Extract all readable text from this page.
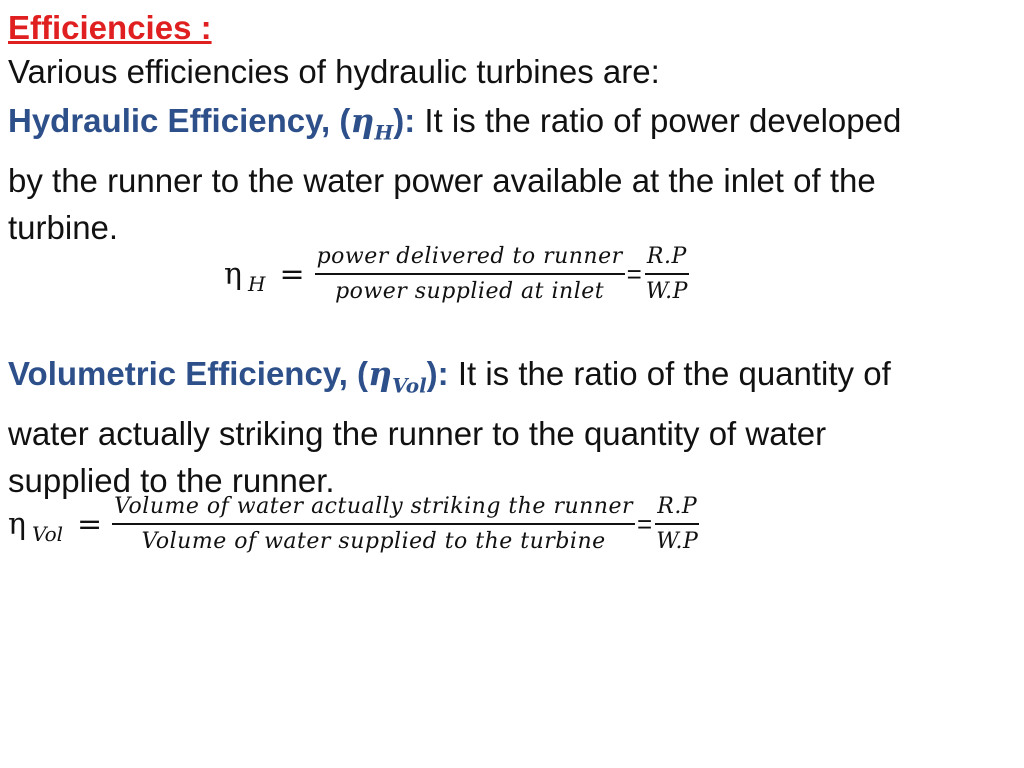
Efficiencies :

Various efficiencies of hydraulic turbines are:

Hydraulic Efficiency, $(\eta_H)$: It is the ratio of power developed
by the runner to the water power available at the inlet of the
turbine.

η $H = \frac{\text{power delivered to runner}}{\text{power supplied at inlet}} = \frac{R.P}{W.P}$

Volumetric Efficiency, $(\eta_{Vol})$: It is the ratio of the quantity of
water actually striking the runner to the quantity of water
supplied to the runner.

η Vol = $\frac{\text{Volume of water actually striking the runner}}{\text{Volume of water supplied to the turbine}} = \frac{R.P}{W.P}$
